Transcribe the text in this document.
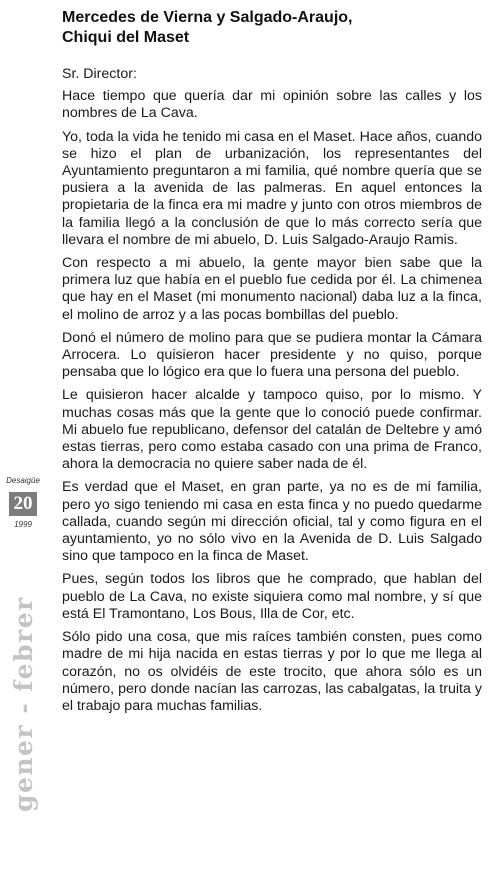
Mercedes de Vierna y Salgado-Araujo,
Chiqui del Maset

Sr. Director:

Hace tiempo que quería dar mi opinión sobre las calles y los nombres de La Cava.

Yo, toda la vida he tenido mi casa en el Maset. Hace años, cuando se hizo el plan de urbanización, los representantes del Ayuntamiento preguntaron a mi familia, qué nombre quería que se pusiera a la avenida de las palmeras. En aquel entonces la propietaria de la finca era mi madre y junto con otros miembros de la familia llegó a la conclusión de que lo más correcto sería que llevara el nombre de mi abuelo, D. Luis Salgado-Araujo Ramis.

Con respecto a mi abuelo, la gente mayor bien sabe que la primera luz que había en el pueblo fue cedida por él. La chimenea que hay en el Maset (mi monumento nacional) daba luz a la finca, el molino de arroz y a las pocas bombillas del pueblo.

Donó el número de molino para que se pudiera montar la Cámara Arrocera. Lo quisieron hacer presidente y no quiso, porque pensaba que lo lógico era que lo fuera una persona del pueblo.

Le quisieron hacer alcalde y tampoco quiso, por lo mismo. Y muchas cosas más que la gente que lo conoció puede confirmar. Mi abuelo fue republicano, defensor del catalán de Deltebre y amó estas tierras, pero como estaba casado con una prima de Franco, ahora la democracia no quiere saber nada de él.

Es verdad que el Maset, en gran parte, ya no es de mi familia, pero yo sigo teniendo mi casa en esta finca y no puedo quedarme callada, cuando según mi dirección oficial, tal y como figura en el ayuntamiento, yo no sólo vivo en la Avenida de D. Luis Salgado sino que tampoco en la finca de Maset.

Pues, según todos los libros que he comprado, que hablan del pueblo de La Cava, no existe siquiera como mal nombre, y sí que está El Tramontano, Los Bous, Illa de Cor, etc.

Sólo pido una cosa, que mis raíces también consten, pues como madre de mi hija nacida en estas tierras y por lo que me llega al corazón, no os olvidéis de este trocito, que ahora sólo es un número, pero donde nacían las carrozas, las cabalgatas, la truita y el trabajo para muchas familias.

Desaigüe
20
1999
gener - febrer
